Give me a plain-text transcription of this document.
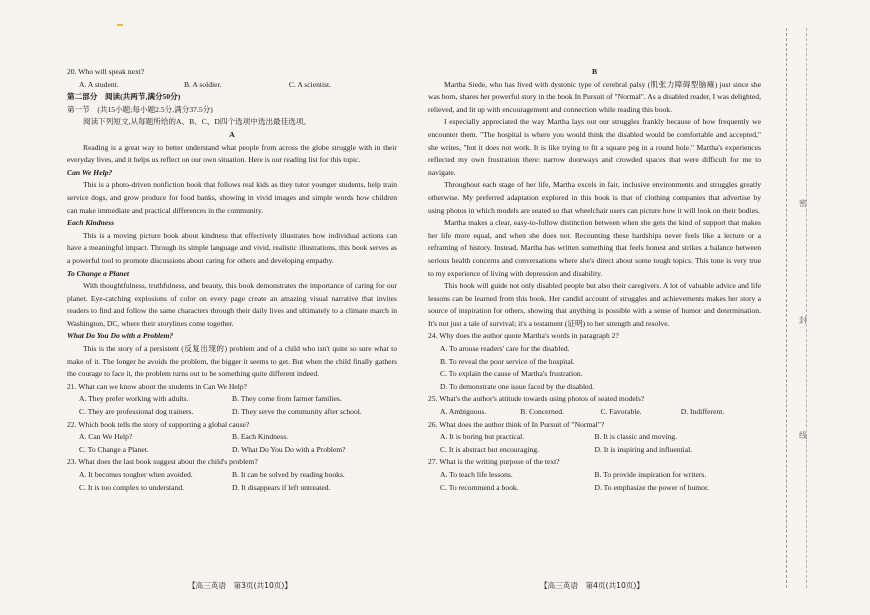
20. Who will speak next?

A. A student.	B. A soldier.	C. A scientist.

第二部分　阅读(共两节,满分50分)

第一节　(共15小题;每小题2.5分,满分37.5分)

阅读下列短文,从每题所给的A、B、C、D四个选项中选出最佳选项。

A

Reading is a great way to better understand what people from across the globe struggle with in their everyday lives, and it helps us reflect on our own situation. Here is our reading list for this topic.

Can We Help?

This is a photo-driven nonfiction book that follows real kids as they tutor younger students, help train service dogs, and grow produce for food banks, showing in vivid images and simple words how children can make immediate and practical differences in the community.

Each Kindness

This is a moving picture book about kindness that effectively illustrates how individual actions can have a meaningful impact. Through its simple language and vivid, realistic illustrations, this book serves as a powerful tool to promote discussions about caring for others and developing empathy.

To Change a Planet

With thoughtfulness, truthfulness, and beauty, this book demonstrates the importance of caring for our planet. Eye-catching explosions of color on every page create an amazing visual narrative that invites readers to find and follow the same characters through their daily lives and ultimately to a climate march in Washington, DC, where their storylines come together.

What Do You Do with a Problem?

This is the story of a persistent (反复出现的) problem and of a child who isn't quite so sure what to make of it. The longer he avoids the problem, the bigger it seems to get. But when the child finally gathers the courage to face it, the problem turns out to be something quite different indeed.

21. What can we know about the students in Can We Help?

A. They prefer working with adults.	B. They come from farmer families.
C. They are professional dog trainers.	D. They serve the community after school.

22. Which book tells the story of supporting a global cause?

A. Can We Help?	B. Each Kindness.
C. To Change a Planet.	D. What Do You Do with a Problem?

23. What does the last book suggest about the child's problem?

A. It becomes tougher when avoided.	B. It can be solved by reading books.
C. It is too complex to understand.	D. It disappears if left untreated.
【高三英语　第3页(共10页)】

B

Martha Siede, who has lived with dystonic type of cerebral palsy (肌张力障碍型脑瘫) just since she was born, shares her powerful story in the book In Pursuit of "Normal". As a disabled reader, I was delighted, relieved, and lit up with encouragement and connection while reading this book.

I especially appreciated the way Martha lays out our struggles frankly because of how frequently we encounter them. "The hospital is where you would think the disabled would be comfortable and accepted," she writes, "but it does not work. It is like trying to fit a square peg in a round hole." Martha's experiences reflected my own frustration there: narrow doorways and crowded spaces that were difficult for me to navigate.

Throughout each stage of her life, Martha excels in fair, inclusive environments and struggles greatly otherwise. My preferred adaptation explored in this book is that of clothing companies that advertise by using photos in which models are seated so that wheelchair users can picture how it will look on their bodies.

Martha makes a clear, easy-to-follow distinction between when she gets the kind of support that makes her life more equal, and when she does not. Recounting these hardships never feels like a lecture or a reframing of history. Instead, Martha has written something that feels honest and strikes a balance between serious health concerns and conversations where she's direct about some tough topics. This tone is very true to my experience of living with depression and disability.

This book will guide not only disabled people but also their caregivers. A lot of valuable advice and life lessons can be learned from this book. Her candid account of struggles and achievements makes her story a source of inspiration for others, showing that anything is possible with a sense of humor and determination. It's not just a tale of survival; it's a testament (证明) to her strength and resolve.

24. Why does the author quote Martha's words in paragraph 2?

A. To arouse readers' care for the disabled.
B. To reveal the poor service of the hospital.
C. To explain the cause of Martha's frustration.
D. To demonstrate one issue faced by the disabled.

25. What's the author's attitude towards using photos of seated models?

A. Ambiguous.	B. Concerned.	C. Favorable.	D. Indifferent.

26. What does the author think of In Pursuit of "Normal"?

A. It is boring but practical.	B. It is classic and moving.
C. It is abstract but encouraging.	D. It is inspiring and influential.

27. What is the writing purpose of the text?

A. To teach life lessons.	B. To provide inspiration for writers.
C. To recommend a book.	D. To emphasize the power of humor.
【高三英语　第4页(共10页)】
密
封
线
